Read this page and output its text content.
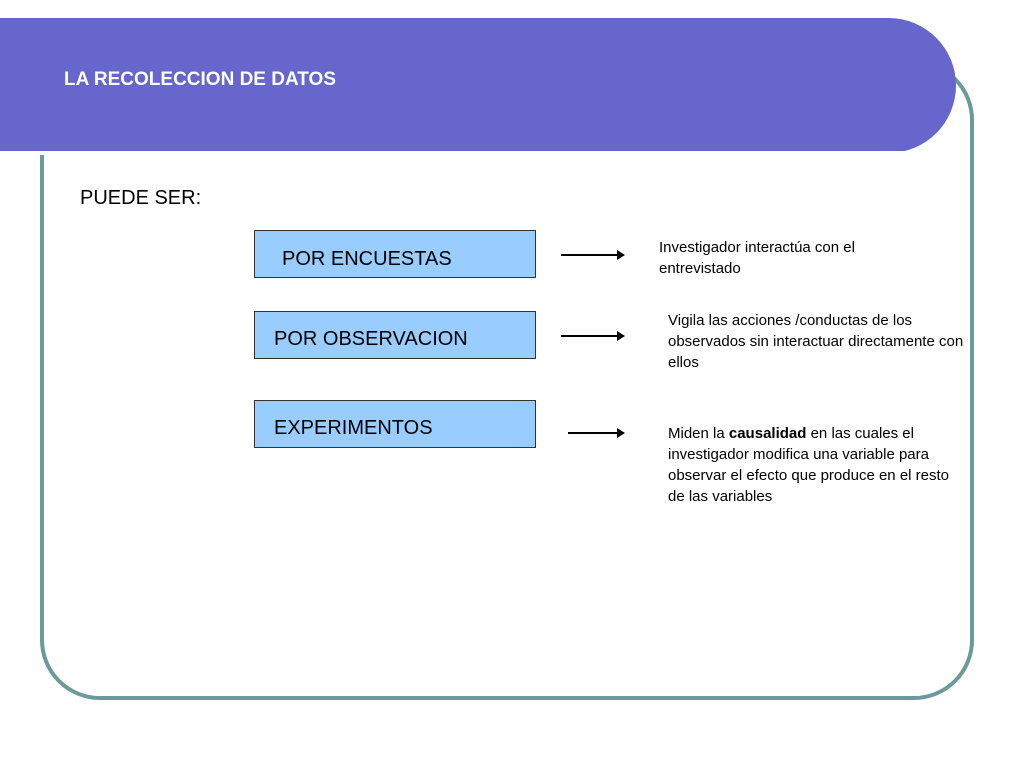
LA RECOLECCION DE DATOS
PUEDE SER:
POR ENCUESTAS
Investigador interactúa con el entrevistado
POR OBSERVACION
Vigila las acciones /conductas de los observados sin interactuar directamente con ellos
EXPERIMENTOS	Miden la causalidad en las cuales el investigador modifica una variable para observar el efecto que produce en el resto de las variables
